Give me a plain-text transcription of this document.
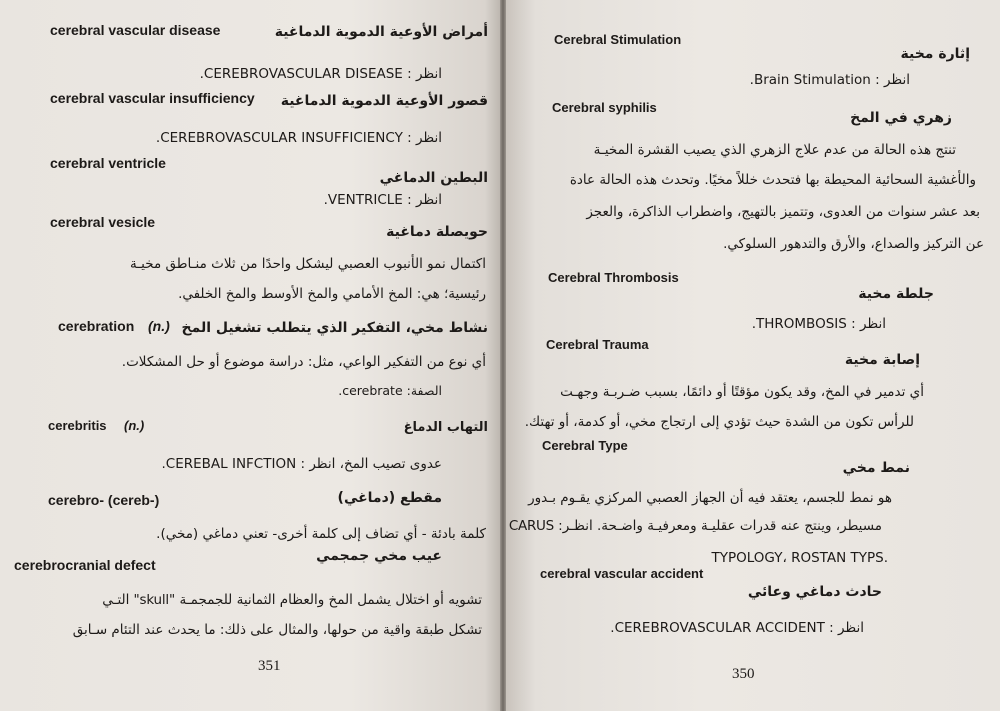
cerebral vascular disease	أمراض الأوعية الدموية الدماغية
انظر : CEREBROVASCULAR DISEASE.
cerebral vascular insufficiency قصور الأوعية الدموية الدماغية
انظر : CEREBROVASCULAR INSUFFICIENCY.
cerebral ventricle
البطين الدماغي
انظر : VENTRICLE.
cerebral vesicle
حويصلة دماغية
اكتمال نمو الأنبوب العصبي ليشكل واحدًا من ثلاث منـاطق مخيـة
رئيسية؛ هي: المخ الأمامي والمخ الأوسط والمخ الخلفي.
cerebration (n.) نشاط مخي، التفكير الذي يتطلب تشغيل المخ
أي نوع من التفكير الواعي، مثل: دراسة موضوع أو حل المشكلات.
الصفة: cerebrate.
cerebritis (n.)	التهاب الدماغ
عدوى تصيب المخ، انظر : CEREBAL INFCTION.
cerebro- (cereb-)	مقطع (دماغي)
كلمة بادئة - أي تضاف إلى كلمة أخرى- تعني دماغي (مخي).
عيب مخي جمجمي
cerebrocranial defect
تشويه أو اختلال يشمل المخ والعظام الثمانية للجمجمـة "skull" التـي
تشكل طبقة واقية من حولها، والمثال على ذلك: ما يحدث عند التئام سـابق
351
Cerebral Stimulation
إثارة مخية
انظر : Brain Stimulation.
Cerebral syphilis
زهري في المخ
تنتج هذه الحالة من عدم علاج الزهري الذي يصيب القشرة المخيـة
والأغشية السحائية المحيطة بها فتحدث خللاً مخيًا. وتحدث هذه الحالة عادة
بعد عشر سنوات من العدوى، وتتميز بالتهيج، واضطراب الذاكرة، والعجز
عن التركيز والصداع، والأرق والتدهور السلوكي.
Cerebral Thrombosis
جلطة مخية
انظر : THROMBOSIS.
Cerebral Trauma
إصابة مخية
أي تدمير في المخ، وقد يكون مؤقتًا أو دائمًا، بسبب ضـربـة وجهـت
للرأس تكون من الشدة حيث تؤدي إلى ارتجاج مخي، أو كدمة، أو تهتك.
Cerebral Type
نمط مخي
هو نمط للجسم، يعتقد فيه أن الجهاز العصبي المركزي يقـوم بـدور
مسيطر، وينتج عنه قدرات عقليـة ومعرفيـة واضـحة. انظـر: CARUS
TYPOLOGY، ROSTAN TYPS.
cerebral vascular accident
حادث دماغي وعائي
انظر : CEREBROVASCULAR ACCIDENT.
350
